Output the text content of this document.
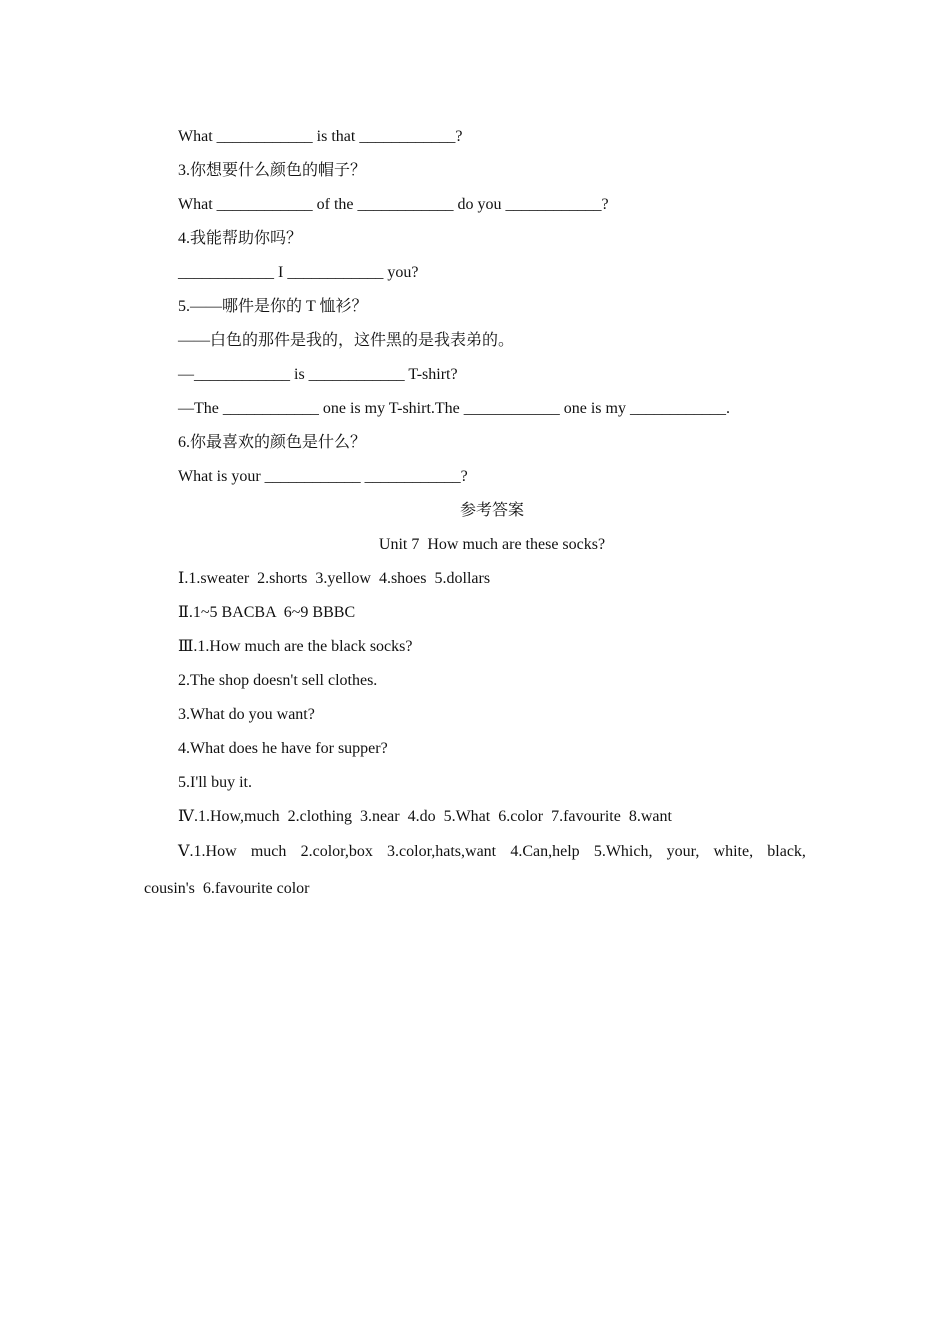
What ____________ is that ____________?
3.你想要什么颜色的帽子？
What ____________ of the ____________ do you ____________?
4.我能帮助你吗？
____________ I ____________ you?
5.——哪件是你的 T 恤衫？
——白色的那件是我的，这件黑的是我表弟的。
—____________ is ____________ T-shirt?
—The ____________ one is my T-shirt.The ____________ one is my ____________.
6.你最喜欢的颜色是什么？
What is your ____________ ____________?
参考答案
Unit 7  How much are these socks?
Ⅰ.1.sweater  2.shorts  3.yellow  4.shoes  5.dollars
Ⅱ.1~5 BACBA  6~9 BBBC
Ⅲ.1.How much are the black socks?
2.The shop doesn't sell clothes.
3.What do you want?
4.What does he have for supper?
5.I'll buy it.
Ⅳ.1.How,much  2.clothing  3.near  4.do  5.What  6.color  7.favourite  8.want
Ⅴ.1.How much 2.color,box 3.color,hats,want 4.Can,help 5.Which, your, white, black,
cousin's  6.favourite color
